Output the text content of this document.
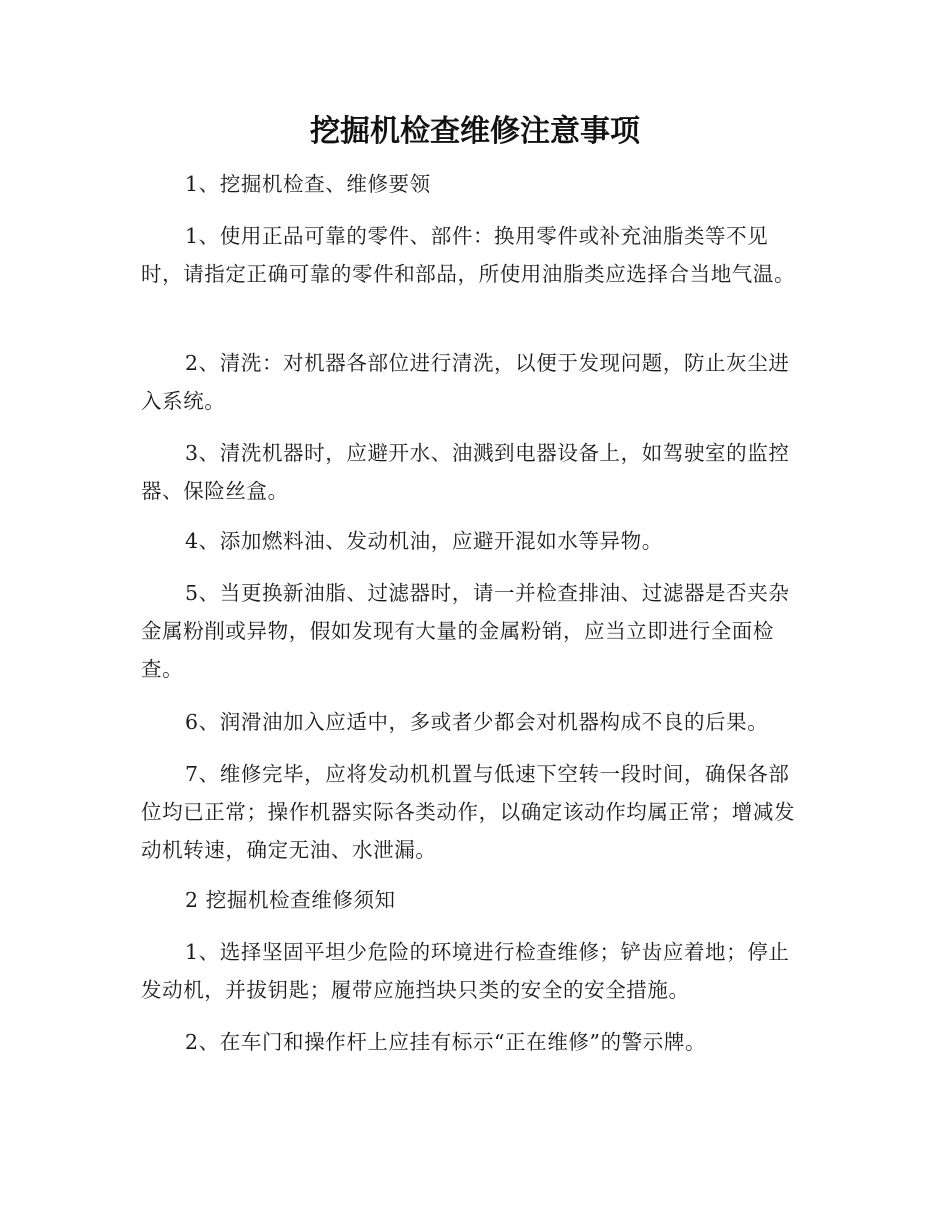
挖掘机检查维修注意事项

1、挖掘机检查、维修要领

1、使用正品可靠的零件、部件：换用零件或补充油脂类等不见时，请指定正确可靠的零件和部品，所使用油脂类应选择合当地气温。

2、清洗：对机器各部位进行清洗，以便于发现问题，防止灰尘进入系统。

3、清洗机器时，应避开水、油溅到电器设备上，如驾驶室的监控器、保险丝盒。

4、添加燃料油、发动机油，应避开混如水等异物。

5、当更换新油脂、过滤器时，请一并检查排油、过滤器是否夹杂金属粉削或异物，假如发现有大量的金属粉销，应当立即进行全面检查。

6、润滑油加入应适中，多或者少都会对机器构成不良的后果。

7、维修完毕，应将发动机机置与低速下空转一段时间，确保各部位均已正常；操作机器实际各类动作，以确定该动作均属正常；增减发动机转速，确定无油、水泄漏。

2 挖掘机检查维修须知

1、选择坚固平坦少危险的环境进行检查维修；铲齿应着地；停止发动机，并拔钥匙；履带应施挡块只类的安全的安全措施。

2、在车门和操作杆上应挂有标示“正在维修”的警示牌。
